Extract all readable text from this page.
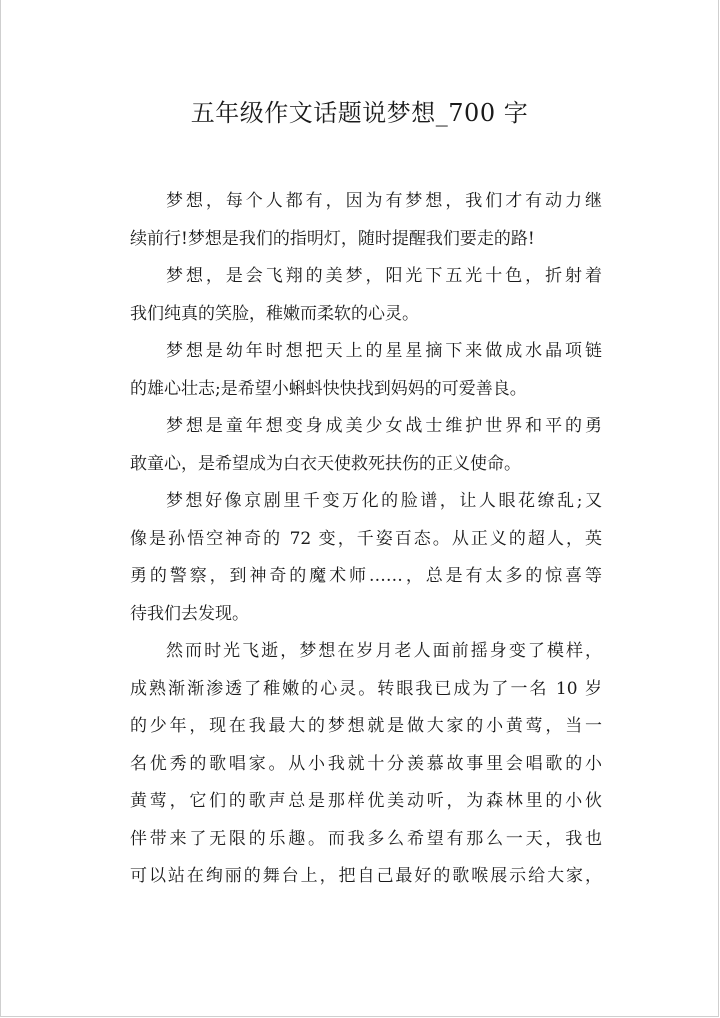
五年级作文话题说梦想_700 字

梦想，每个人都有，因为有梦想，我们才有动力继
续前行!梦想是我们的指明灯，随时提醒我们要走的路!

梦想，是会飞翔的美梦，阳光下五光十色，折射着
我们纯真的笑脸，稚嫩而柔软的心灵。

梦想是幼年时想把天上的星星摘下来做成水晶项链
的雄心壮志;是希望小蝌蚪快快找到妈妈的可爱善良。

梦想是童年想变身成美少女战士维护世界和平的勇
敢童心，是希望成为白衣天使救死扶伤的正义使命。

梦想好像京剧里千变万化的脸谱，让人眼花缭乱;又
像是孙悟空神奇的 72 变，千姿百态。从正义的超人，英
勇的警察，到神奇的魔术师……，总是有太多的惊喜等
待我们去发现。

然而时光飞逝，梦想在岁月老人面前摇身变了模样，
成熟渐渐渗透了稚嫩的心灵。转眼我已成为了一名 10 岁
的少年，现在我最大的梦想就是做大家的小黄莺，当一
名优秀的歌唱家。从小我就十分羡慕故事里会唱歌的小
黄莺，它们的歌声总是那样优美动听，为森林里的小伙
伴带来了无限的乐趣。而我多么希望有那么一天，我也
可以站在绚丽的舞台上，把自己最好的歌喉展示给大家，
